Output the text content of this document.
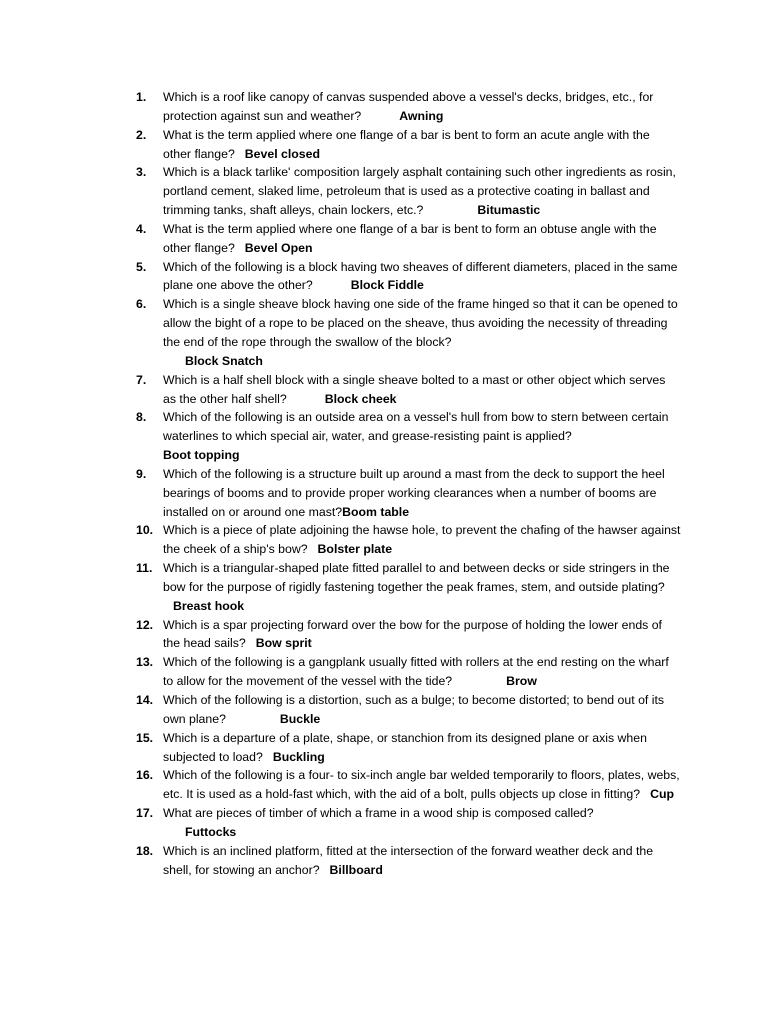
1.	Which is a roof like canopy of canvas suspended above a vessel's decks, bridges, etc., for protection against sun and weather?	Awning
2.	What is the term applied where one flange of a bar is bent to form an acute angle with the other flange? Bevel closed
3.	Which is a black tarlike' composition largely asphalt containing such other ingredients as rosin, portland cement, slaked lime, petroleum that is used as a protective coating in ballast and trimming tanks, shaft alleys, chain lockers, etc.?	Bitumastic
4.	What is the term applied where one flange of a bar is bent to form an obtuse angle with the other flange? Bevel Open
5.	Which of the following is a block having two sheaves of different diameters, placed in the same plane one above the other?	Block Fiddle
6.	Which is a single sheave block having one side of the frame hinged so that it can be opened to allow the bight of a rope to be placed on the sheave, thus avoiding the necessity of threading the end of the rope through the swallow of the block?
Block Snatch
7.	Which is a half shell block with a single sheave bolted to a mast or other object which serves as the other half shell?	Block cheek
8.	Which of the following is an outside area on a vessel's hull from bow to stern between certain waterlines to which special air, water, and grease-resisting paint is applied?
Boot topping
9.	Which of the following is a structure built up around a mast from the deck to support the heel bearings of booms and to provide proper working clearances when a number of booms are installed on or around one mast?Boom table
10. Which is a piece of plate adjoining the hawse hole, to prevent the chafing of the hawser against the cheek of a ship's bow? Bolster plate
11. Which is a triangular-shaped plate fitted parallel to and between decks or side stringers in the bow for the purpose of rigidly fastening together the peak frames, stem, and outside plating?Breast hook
12. Which is a spar projecting forward over the bow for the purpose of holding the lower ends of the head sails? Bow sprit
13. Which of the following is a gangplank usually fitted with rollers at the end resting on the wharf to allow for the movement of the vessel with the tide?	Brow
14. Which of the following is a distortion, such as a bulge; to become distorted; to bend out of its own plane?	Buckle
15. Which is a departure of a plate, shape, or stanchion from its designed plane or axis when subjected to load? Buckling
16. Which of the following is a four- to six-inch angle bar welded temporarily to floors, plates, webs, etc. It is used as a hold-fast which, with the aid of a bolt, pulls objects up close in fitting? Cup
17. What are pieces of timber of which a frame in a wood ship is composed called?
Futtocks
18. Which is an inclined platform, fitted at the intersection of the forward weather deck and the shell, for stowing an anchor? Billboard
